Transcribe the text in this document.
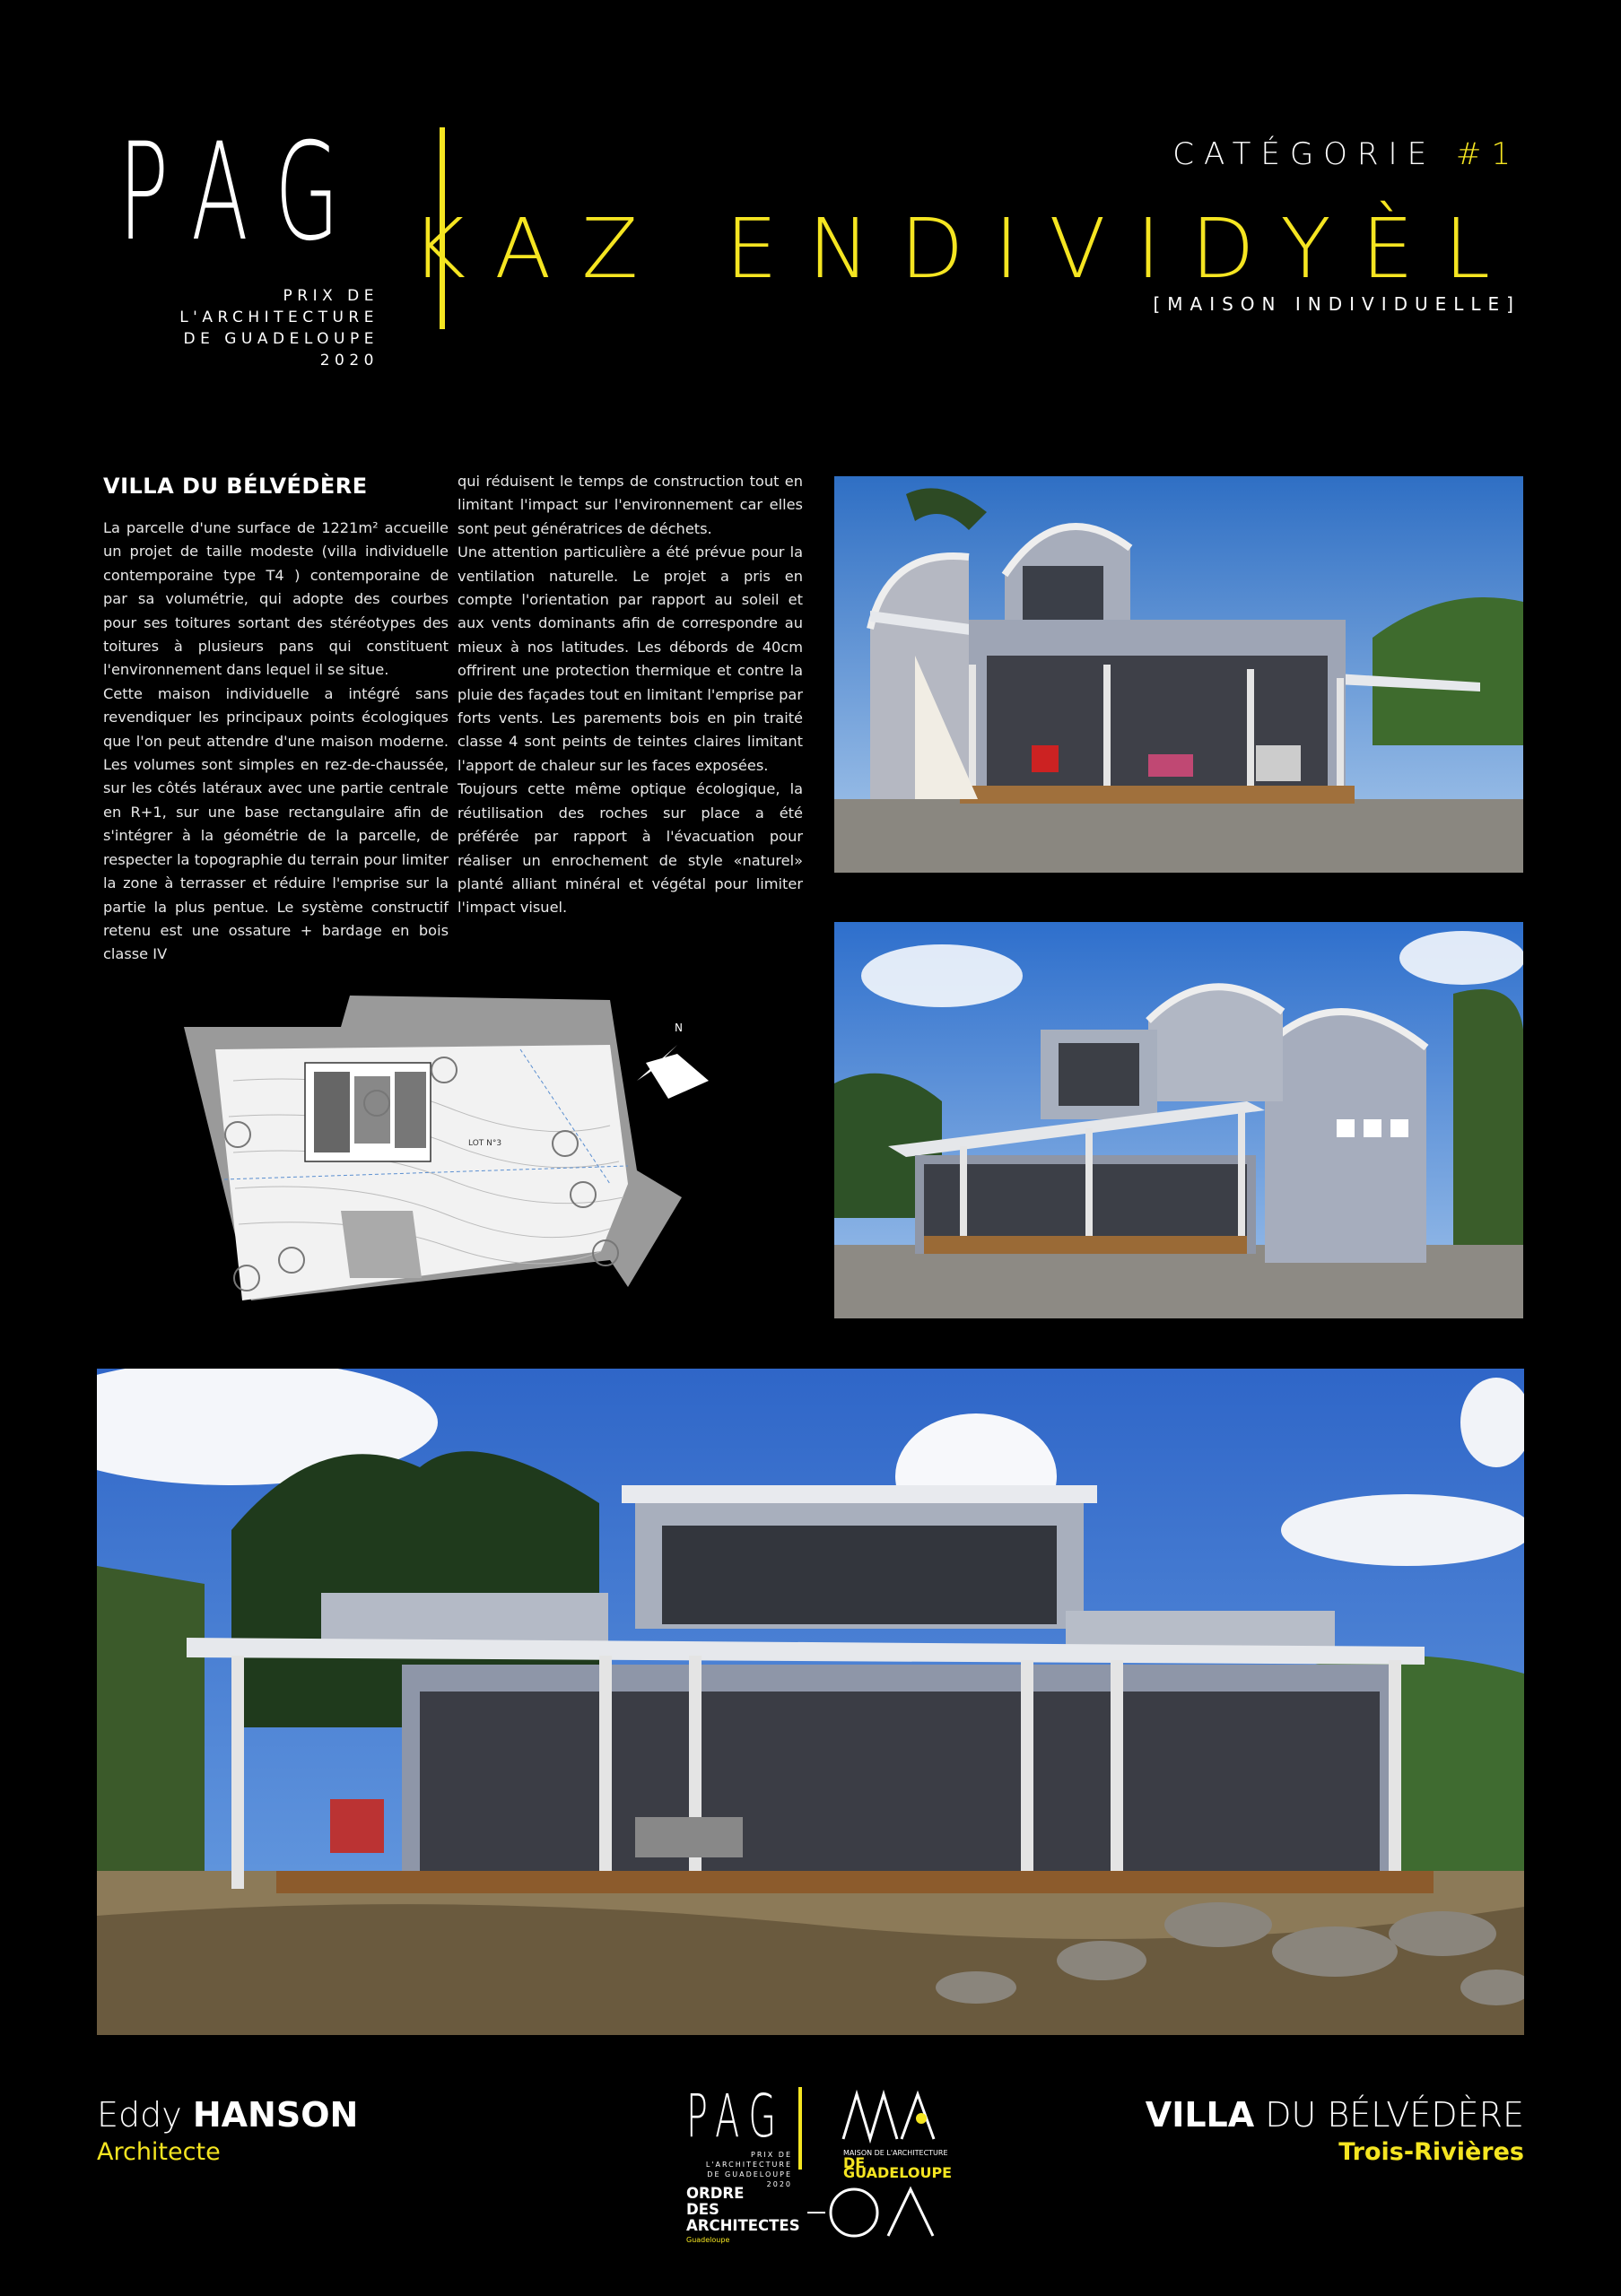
PAG
PRIX DE L'ARCHITECTURE
DE GUADELOUPE 2020
CATÉGORIE #1
KAZ ENDIVIDYÈL
[MAISON INDIVIDUELLE]
VILLA DU BÉLVÉDÈRE

La parcelle d'une surface de 1221m² accueille un projet de taille modeste (villa individuelle contemporaine type T4 ) contemporaine de par sa volumétrie, qui adopte des courbes pour ses toitures sortant des stéréotypes des toitures à plusieurs pans qui constituent l'environnement dans lequel il se situe.

Cette maison individuelle a intégré sans revendiquer les principaux points écologiques que l'on peut attendre d'une maison moderne. Les volumes sont simples en rez-de-chaussée, sur les côtés latéraux avec une partie centrale en R+1, sur une base rectangulaire afin de s'intégrer à la géométrie de la parcelle, de respecter la topographie du terrain pour limiter la zone à terrasser et réduire l'emprise sur la partie la plus pentue. Le système constructif retenu est une ossature + bardage en bois classe IV

qui réduisent le temps de construction tout en limitant l'impact sur l'environnement car elles sont peut génératrices de déchets.

Une attention particulière a été prévue pour la ventilation naturelle. Le projet a pris en compte l'orientation par rapport au soleil et aux vents dominants afin de correspondre au mieux à nos latitudes. Les débords de 40cm offrirent une protection thermique et contre la pluie des façades tout en limitant l'emprise par forts vents. Les parements bois en pin traité classe 4 sont peints de teintes claires limitant l'apport de chaleur sur les faces exposées.

Toujours cette même optique écologique, la réutilisation des roches sur place a été préférée par rapport à l'évacuation pour réaliser un enrochement de style «naturel» planté alliant minéral et végétal pour limiter l'impact visuel.

LOT N°3
N
Eddy HANSON
Architecte
VILLA DU BÉLVÉDÈRE
Trois-Rivières
PAG
PRIX DE L'ARCHITECTURE
DE GUADELOUPE 2020
MAISON DE L'ARCHITECTURE
DE GUADELOUPE
ORDRE
DES
ARCHITECTES
Guadeloupe
